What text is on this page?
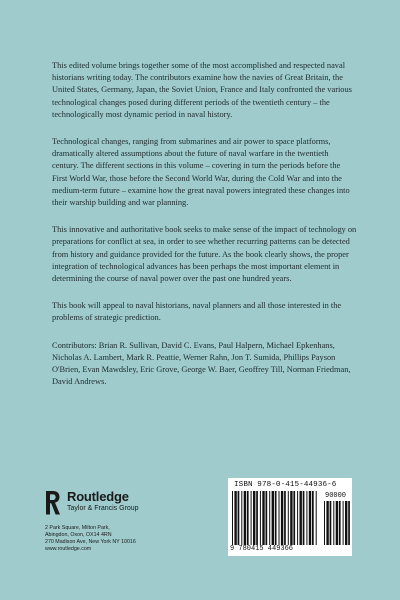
This edited volume brings together some of the most accomplished and respected naval historians writing today. The contributors examine how the navies of Great Britain, the United States, Germany, Japan, the Soviet Union, France and Italy confronted the various technological changes posed during different periods of the twentieth century – the technologically most dynamic period in naval history.

Technological changes, ranging from submarines and air power to space platforms, dramatically altered assumptions about the future of naval warfare in the twentieth century. The different sections in this volume – covering in turn the periods before the First World War, those before the Second World War, during the Cold War and into the medium-term future – examine how the great naval powers integrated these changes into their warship building and war planning.

This innovative and authoritative book seeks to make sense of the impact of technology on preparations for conflict at sea, in order to see whether recurring patterns can be detected from history and guidance provided for the future. As the book clearly shows, the proper integration of technological advances has been perhaps the most important element in determining the course of naval power over the past one hundred years.

This book will appeal to naval historians, naval planners and all those interested in the problems of strategic prediction.

Contributors: Brian R. Sullivan, David C. Evans, Paul Halpern, Michael Epkenhans, Nicholas A. Lambert, Mark R. Peattie, Werner Rahn, Jon T. Sumida, Phillips Payson O'Brien, Evan Mawdsley, Eric Grove, George W. Baer, Geoffrey Till, Norman Friedman, David Andrews.

Routledge
Taylor & Francis Group
2 Park Square, Milton Park,
Abingdon, Oxon, OX14 4RN
270 Madison Ave, New York NY 10016
www.routledge.com
ISBN 978-0-415-44936-6
90000
9 780415 449366
